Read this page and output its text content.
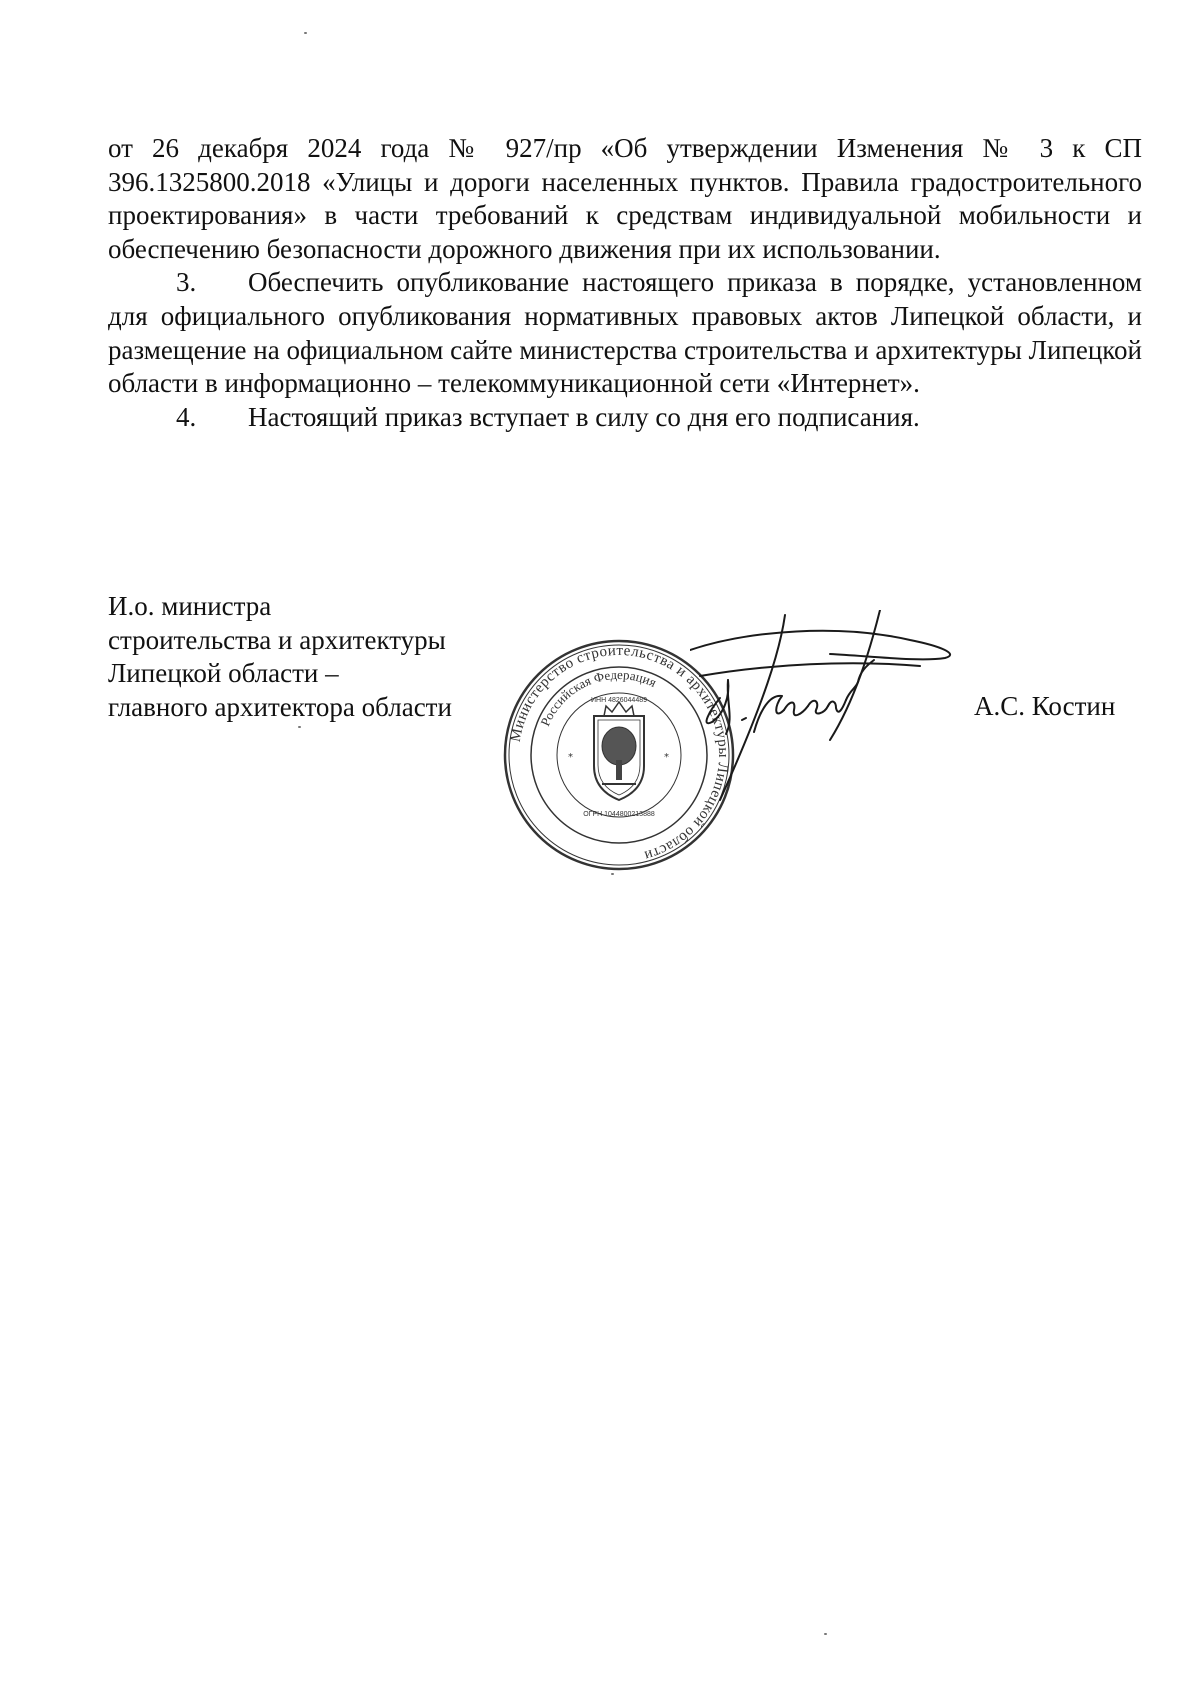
от 26 декабря 2024 года № 927/пр «Об утверждении Изменения № 3 к СП 396.1325800.2018 «Улицы и дороги населенных пунктов. Правила градостроительного проектирования» в части требований к средствам индивидуальной мобильности и обеспечению безопасности дорожного движения при их использовании.

3. Обеспечить опубликование настоящего приказа в порядке, установленном для официального опубликования нормативных правовых актов Липецкой области, и размещение на официальном сайте министерства строительства и архитектуры Липецкой области в информационно – телекоммуникационной сети «Интернет».

4. Настоящий приказ вступает в силу со дня его подписания.

И.о. министра
строительства и архитектуры
Липецкой области –
главного архитектора области
Министерство строительства и архитектуры Липецкой области
Российская Федерация
ИНН 4826044489
ОГРН 1044800213888
*	*
А.С. Костин
